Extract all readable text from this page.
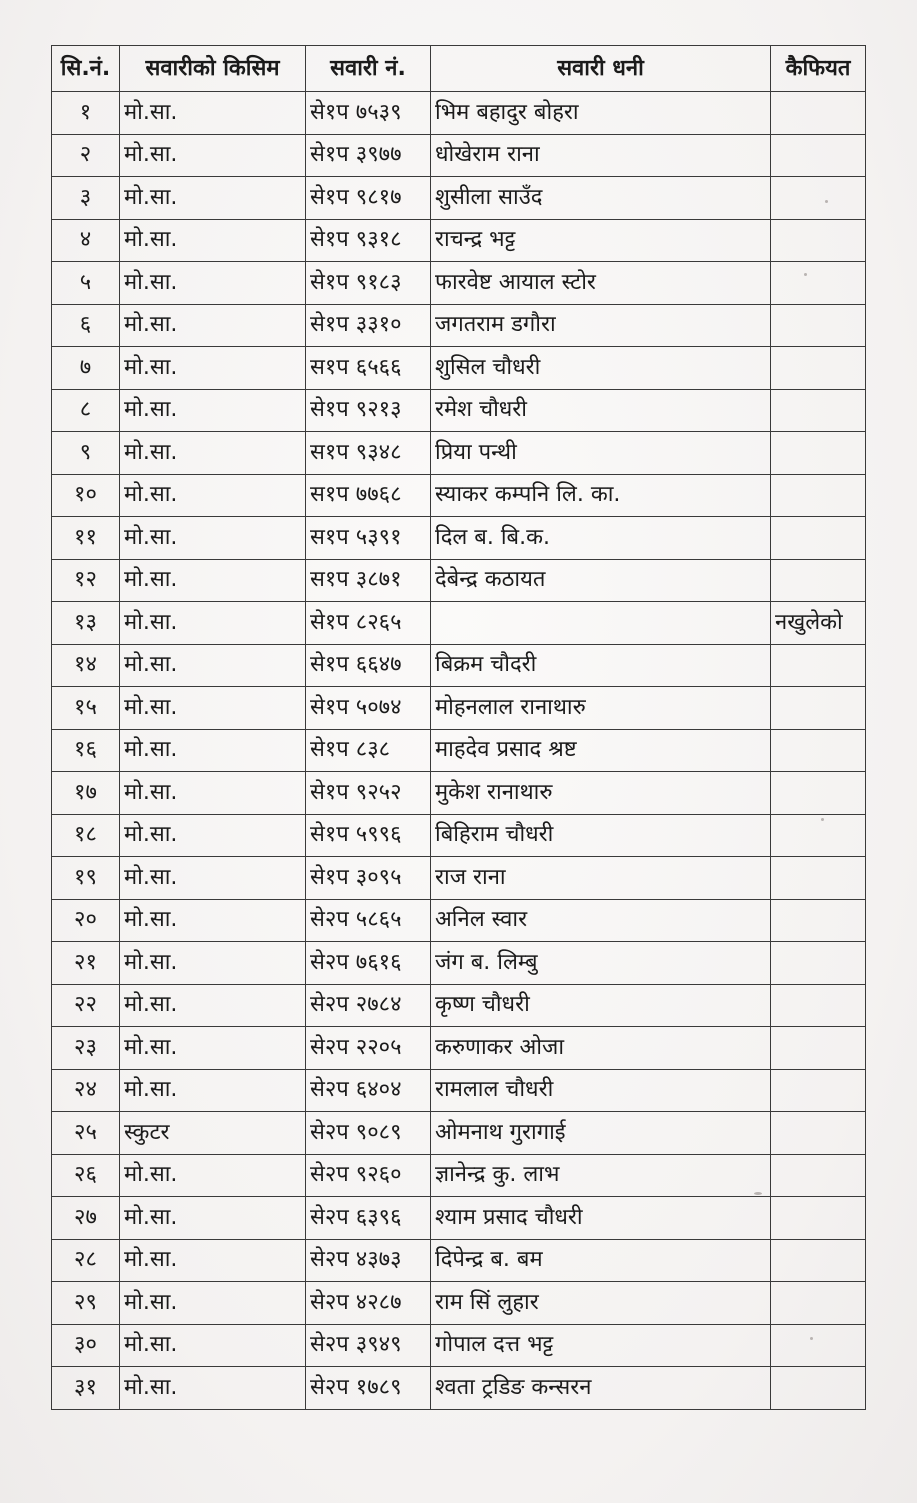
सि.नं.	सवारीको किसिम	सवारी नं.	सवारी धनी	कैफियत
१	मो.सा.	से१प ७५३९	भिम बहादुर बोहरा	
२	मो.सा.	से१प ३९७७	धोखेराम राना	
३	मो.सा.	से१प ९८१७	शुसीला साउँद	
४	मो.सा.	से१प ९३१८	राचन्द्र भट्ट	
५	मो.सा.	से१प ९१८३	फारवेष्ट आयाल स्टोर	
६	मो.सा.	से१प ३३१०	जगतराम डगौरा	
७	मो.सा.	स१प ६५६६	शुसिल चौधरी	
८	मो.सा.	से१प ९२१३	रमेश चौधरी	
९	मो.सा.	स१प ९३४८	प्रिया पन्थी	
१०	मो.सा.	स१प ७७६८	स्याकर कम्पनि लि. का.	
११	मो.सा.	स१प ५३९१	दिल ब. बि.क.	
१२	मो.सा.	स१प ३८७१	देबेन्द्र कठायत	
१३	मो.सा.	से१प ८२६५		नखुलेको
१४	मो.सा.	से१प ६६४७	बिक्रम चौदरी	
१५	मो.सा.	से१प ५०७४	मोहनलाल रानाथारु	
१६	मो.सा.	से१प ८३८	माहदेव प्रसाद श्रष्ट	
१७	मो.सा.	से१प ९२५२	मुकेश रानाथारु	
१८	मो.सा.	से१प ५९९६	बिहिराम चौधरी	
१९	मो.सा.	से१प ३०९५	राज राना	
२०	मो.सा.	से२प ५८६५	अनिल स्वार	
२१	मो.सा.	से२प ७६१६	जंग ब. लिम्बु	
२२	मो.सा.	से२प २७८४	कृष्ण चौधरी	
२३	मो.सा.	से२प २२०५	करुणाकर ओजा	
२४	मो.सा.	से२प ६४०४	रामलाल चौधरी	
२५	स्कुटर	से२प ९०८९	ओमनाथ गुरागाई	
२६	मो.सा.	से२प ९२६०	ज्ञानेन्द्र कु. लाभ	
२७	मो.सा.	से२प ६३९६	श्याम प्रसाद चौधरी	
२८	मो.सा.	से२प ४३७३	दिपेन्द्र ब. बम	
२९	मो.सा.	से२प ४२८७	राम सिं लुहार	
३०	मो.सा.	से२प ३९४९	गोपाल दत्त भट्ट	
३१	मो.सा.	से२प १७८९	श्वता ट्रडिङ कन्सरन	
